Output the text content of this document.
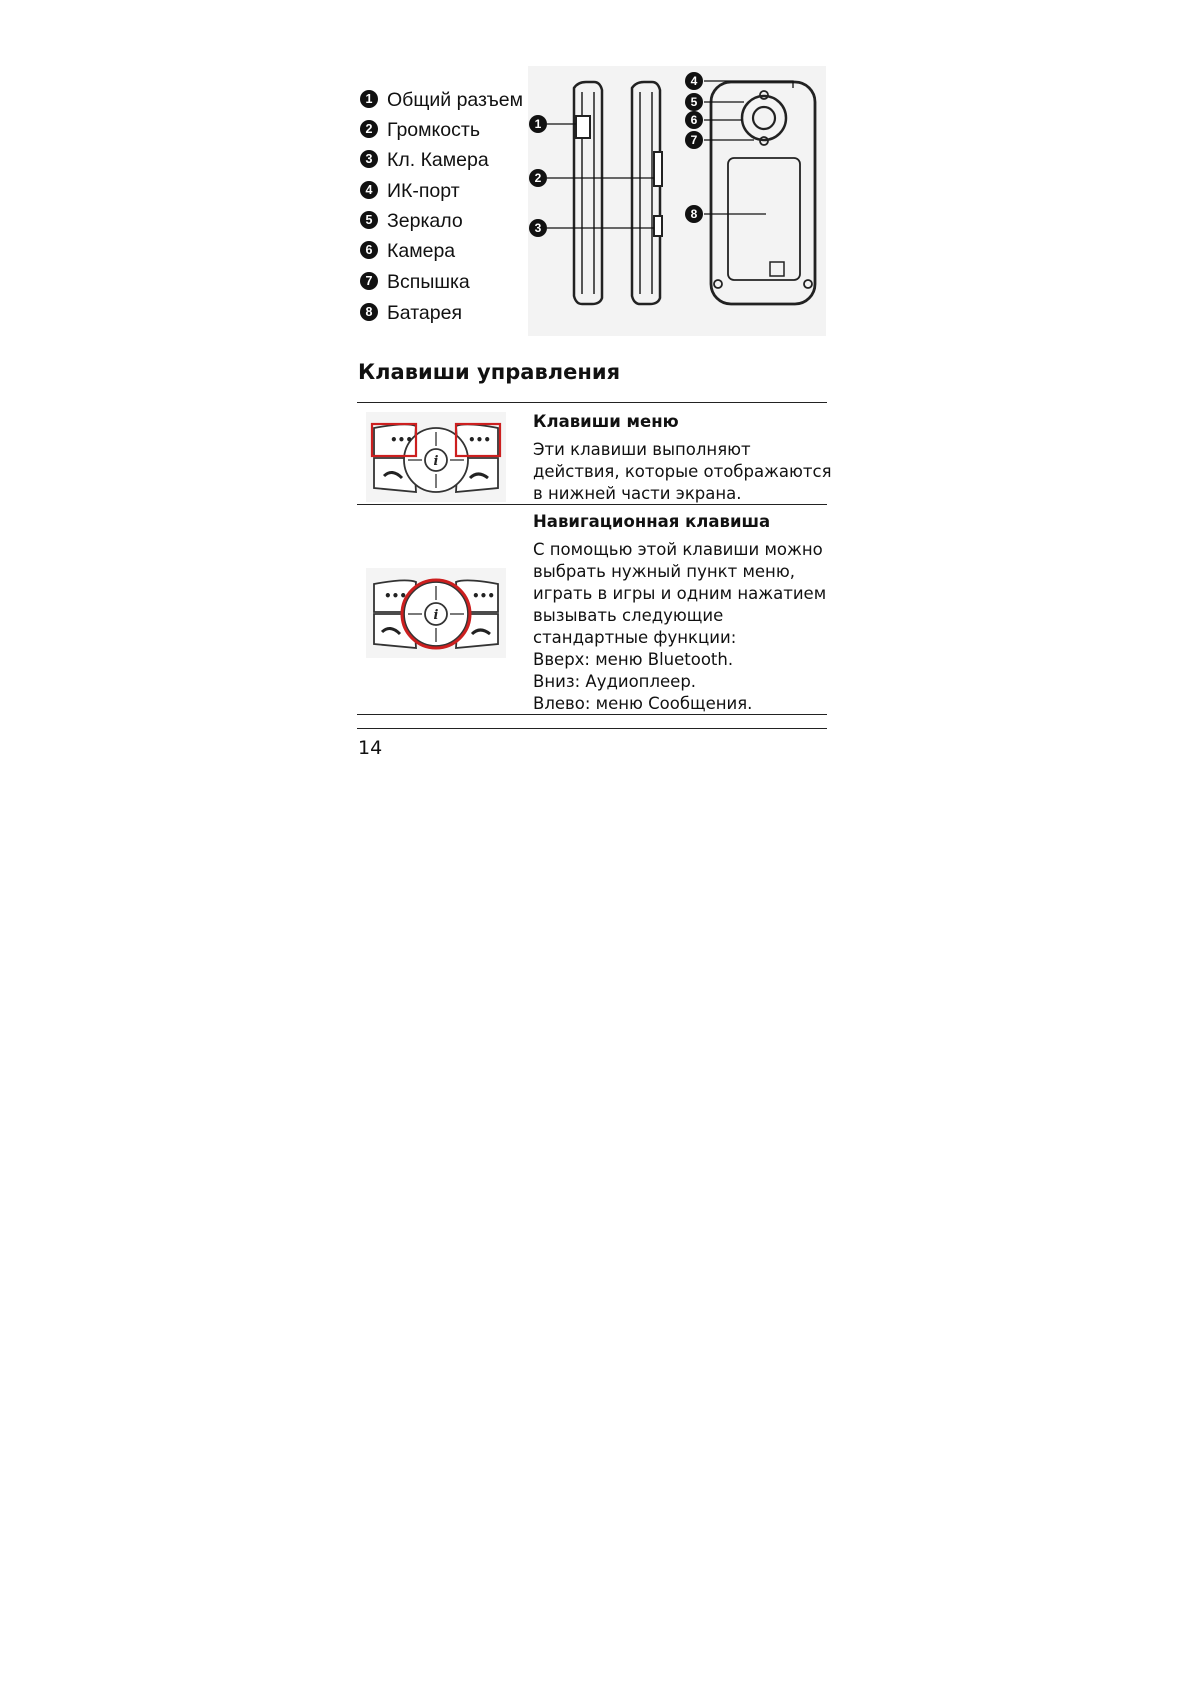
1 Общий разъем
2 Громкость
3 Кл. Камера
4 ИК-порт
5 Зеркало
6 Камера
7 Вспышка
8 Батарея
1
2
3
4
5
6
7
8
Клавиши управления
i
•••	•••
Клавиши меню

Эти клавиши выполняют
действия, которые отображаются
в нижней части экрана.

i
•••	•••
Навигационная клавиша

С помощью этой клавиши можно
выбрать нужный пункт меню,
играть в игры и одним нажатием
вызывать следующие
стандартные функции:
Вверх: меню Bluetooth.
Вниз: Аудиоплеер.
Влево: меню Сообщения.

14
